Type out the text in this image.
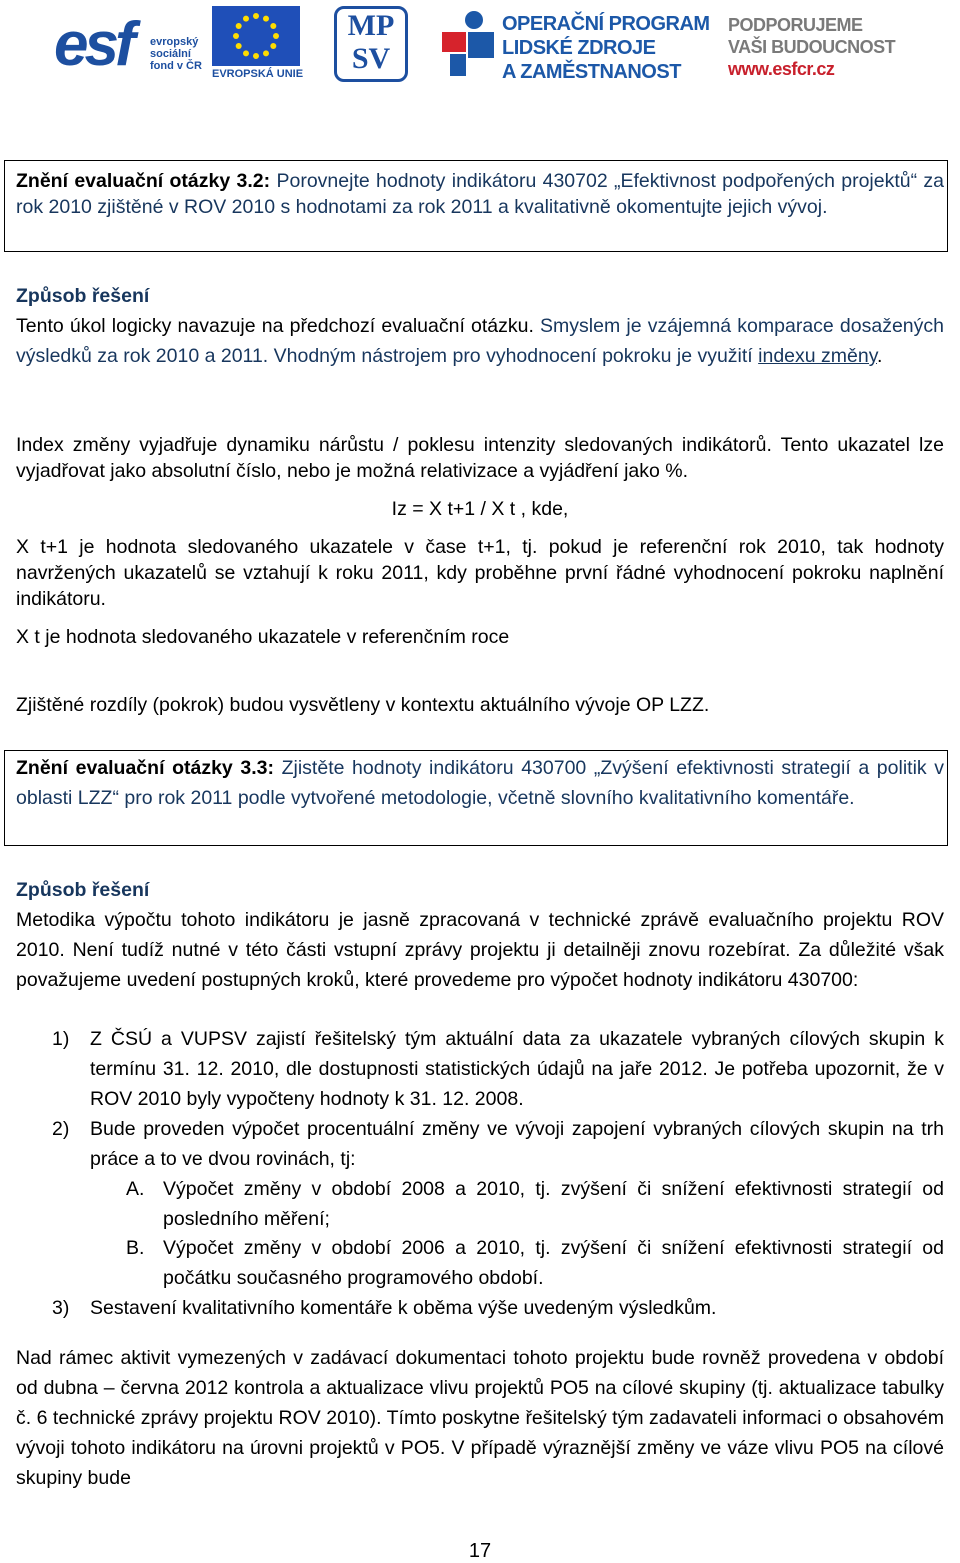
esf evropský
sociální
fond v ČR
EVROPSKÁ UNIE
MP
SV
OPERAČNÍ PROGRAM
LIDSKÉ ZDROJE
A ZAMĚSTNANOST
PODPORUJEME
VAŠI BUDOUCNOST
www.esfcr.cz
Znění evaluační otázky 3.2: Porovnejte hodnoty indikátoru 430702 „Efektivnost podpořených projektů“ za rok 2010 zjištěné v ROV 2010 s hodnotami za rok 2011 a kvalitativně okomentujte jejich vývoj.
Způsob řešení
Tento úkol logicky navazuje na předchozí evaluační otázku. Smyslem je vzájemná komparace dosažených výsledků za rok 2010 a 2011. Vhodným nástrojem pro vyhodnocení pokroku je využití indexu změny.
Index změny vyjadřuje dynamiku nárůstu / poklesu intenzity sledovaných indikátorů. Tento ukazatel lze vyjadřovat jako absolutní číslo, nebo je možná relativizace a vyjádření jako %.
Iz = X t+1 / X t , kde,
X t+1 je hodnota sledovaného ukazatele v čase t+1, tj. pokud je referenční rok 2010, tak hodnoty navržených ukazatelů se vztahují k roku 2011, kdy proběhne první řádné vyhodnocení pokroku naplnění indikátoru.
X t je hodnota sledovaného ukazatele v referenčním roce
Zjištěné rozdíly (pokrok) budou vysvětleny v kontextu aktuálního vývoje OP LZZ.
Znění evaluační otázky 3.3: Zjistěte hodnoty indikátoru 430700 „Zvýšení efektivnosti strategií a politik v oblasti LZZ“ pro rok 2011 podle vytvořené metodologie, včetně slovního kvalitativního komentáře.
Způsob řešení
Metodika výpočtu tohoto indikátoru je jasně zpracovaná v technické zprávě evaluačního projektu ROV 2010. Není tudíž nutné v této části vstupní zprávy projektu ji detailněji znovu rozebírat. Za důležité však považujeme uvedení postupných kroků, které provedeme pro výpočet hodnoty indikátoru 430700:
1) Z ČSÚ a VUPSV zajistí řešitelský tým aktuální data za ukazatele vybraných cílových skupin k termínu 31. 12. 2010, dle dostupnosti statistických údajů na jaře 2012. Je potřeba upozornit, že v ROV 2010 byly vypočteny hodnoty k 31. 12. 2008.
2) Bude proveden výpočet procentuální změny ve vývoji zapojení vybraných cílových skupin na trh práce a to ve dvou rovinách, tj:
A. Výpočet změny v období 2008 a 2010, tj. zvýšení či snížení efektivnosti strategií od posledního měření;
B. Výpočet změny v období 2006 a 2010, tj. zvýšení či snížení efektivnosti strategií od počátku současného programového období.
3) Sestavení kvalitativního komentáře k oběma výše uvedeným výsledkům.
Nad rámec aktivit vymezených v zadávací dokumentaci tohoto projektu bude rovněž provedena v období od dubna – června 2012 kontrola a aktualizace vlivu projektů PO5 na cílové skupiny (tj. aktualizace tabulky č. 6 technické zprávy projektu ROV 2010). Tímto poskytne řešitelský tým zadavateli informaci o obsahovém vývoji tohoto indikátoru na úrovni projektů v PO5. V případě výraznější změny ve váze vlivu PO5 na cílové skupiny bude
17
